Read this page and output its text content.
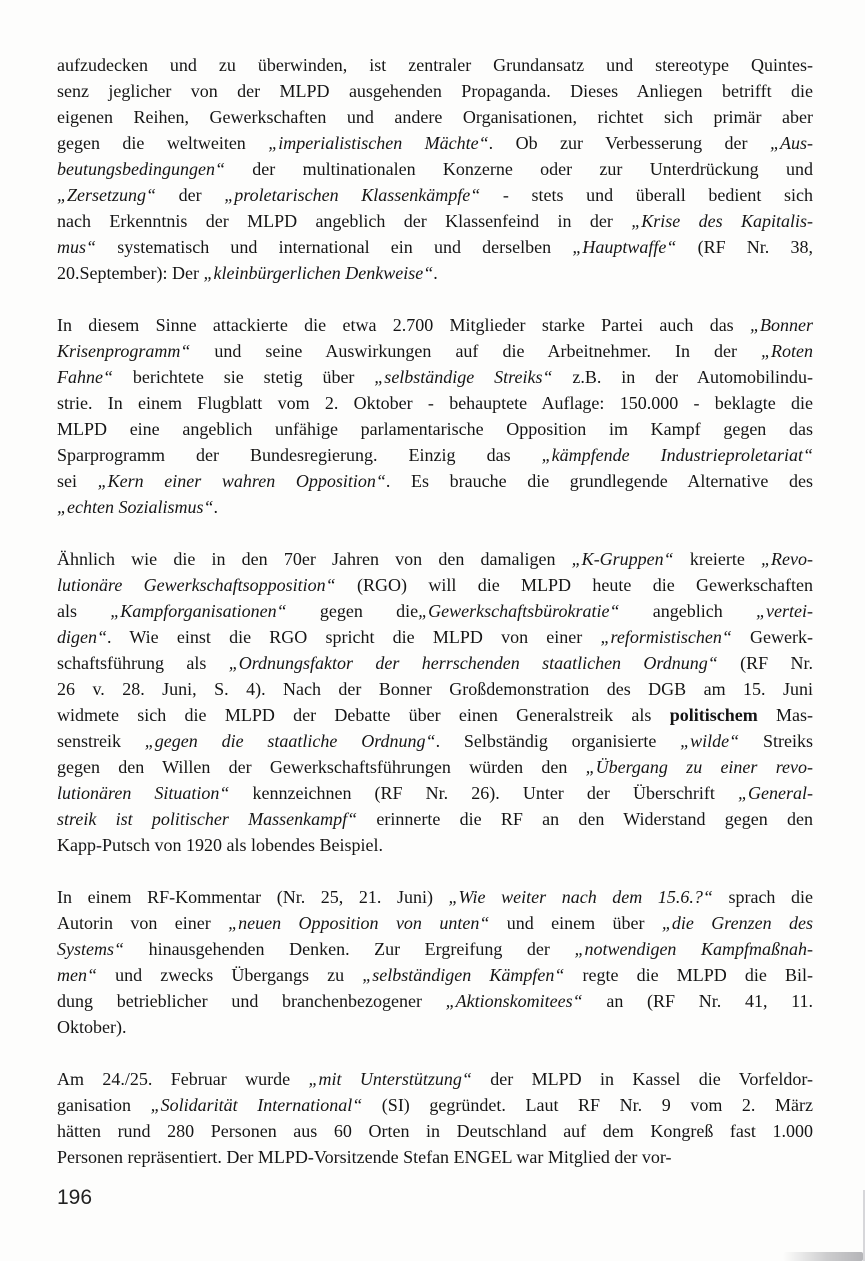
aufzudecken und zu überwinden, ist zentraler Grundansatz und stereotype Quintes-
senz jeglicher von der MLPD ausgehenden Propaganda. Dieses Anliegen betrifft die
eigenen Reihen, Gewerkschaften und andere Organisationen, richtet sich primär aber
gegen die weltweiten „imperialistischen Mächte“. Ob zur Verbesserung der „Aus-
beutungsbedingungen“ der multinationalen Konzerne oder zur Unterdrückung und
„Zersetzung“ der „proletarischen Klassenkämpfe“ - stets und überall bedient sich
nach Erkenntnis der MLPD angeblich der Klassenfeind in der „Krise des Kapitalis-
mus“ systematisch und international ein und derselben „Hauptwaffe“ (RF Nr. 38,
20.September): Der „kleinbürgerlichen Denkweise“.
In diesem Sinne attackierte die etwa 2.700 Mitglieder starke Partei auch das „Bonner
Krisenprogramm“ und seine Auswirkungen auf die Arbeitnehmer. In der „Roten
Fahne“ berichtete sie stetig über „selbständige Streiks“ z.B. in der Automobilindu-
strie. In einem Flugblatt vom 2. Oktober - behauptete Auflage: 150.000 - beklagte die
MLPD eine angeblich unfähige parlamentarische Opposition im Kampf gegen das
Sparprogramm der Bundesregierung. Einzig das „kämpfende Industrieproletariat“
sei „Kern einer wahren Opposition“. Es brauche die grundlegende Alternative des
„echten Sozialismus“.
Ähnlich wie die in den 70er Jahren von den damaligen „K-Gruppen“ kreierte „Revo-
lutionäre Gewerkschaftsopposition“ (RGO) will die MLPD heute die Gewerkschaften
als „Kampforganisationen“ gegen die„Gewerkschaftsbürokratie“ angeblich „vertei-
digen“. Wie einst die RGO spricht die MLPD von einer „reformistischen“ Gewerk-
schaftsführung als „Ordnungsfaktor der herrschenden staatlichen Ordnung“ (RF Nr.
26 v. 28. Juni, S. 4). Nach der Bonner Großdemonstration des DGB am 15. Juni
widmete sich die MLPD der Debatte über einen Generalstreik als politischem Mas-
senstreik „gegen die staatliche Ordnung“. Selbständig organisierte „wilde“ Streiks
gegen den Willen der Gewerkschaftsführungen würden den „Übergang zu einer revo-
lutionären Situation“ kennzeichnen (RF Nr. 26). Unter der Überschrift „General-
streik ist politischer Massenkampf“ erinnerte die RF an den Widerstand gegen den
Kapp-Putsch von 1920 als lobendes Beispiel.
In einem RF-Kommentar (Nr. 25, 21. Juni) „Wie weiter nach dem 15.6.?“ sprach die
Autorin von einer „neuen Opposition von unten“ und einem über „die Grenzen des
Systems“ hinausgehenden Denken. Zur Ergreifung der „notwendigen Kampfmaßnah-
men“ und zwecks Übergangs zu „selbständigen Kämpfen“ regte die MLPD die Bil-
dung betrieblicher und branchenbezogener „Aktionskomitees“ an (RF Nr. 41, 11.
Oktober).
Am 24./25. Februar wurde „mit Unterstützung“ der MLPD in Kassel die Vorfeldor-
ganisation „Solidarität International“ (SI) gegründet. Laut RF Nr. 9 vom 2. März
hätten rund 280 Personen aus 60 Orten in Deutschland auf dem Kongreß fast 1.000
Personen repräsentiert. Der MLPD-Vorsitzende Stefan ENGEL war Mitglied der vor-
196
